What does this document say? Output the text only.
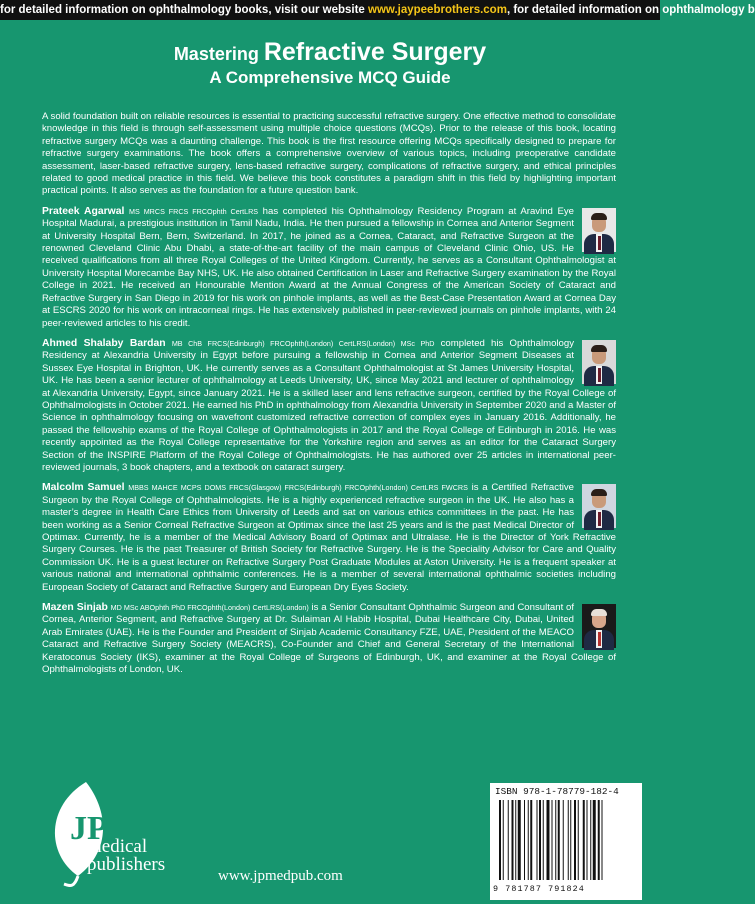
for detailed information on ophthalmology books, visit our website www.jaypeebrothers.com, for detailed information on ophthalmology b
Mastering Refractive Surgery
A Comprehensive MCQ Guide

A solid foundation built on reliable resources is essential to practicing successful refractive surgery. One effective method to consolidate knowledge in this field is through self-assessment using multiple choice questions (MCQs). Prior to the release of this book, locating refractive surgery MCQs was a daunting challenge. This book is the first resource offering MCQs specifically designed to prepare for refractive surgery examinations. The book offers a comprehensive overview of various topics, including preoperative candidate assessment, laser-based refractive surgery, lens-based refractive surgery, complications of refractive surgery, and ethical principles related to good medical practice in this field. We believe this book constitutes a paradigm shift in this field by highlighting important practical points. It also serves as the foundation for a future question bank.

Prateek Agarwal MS MRCS FRCS FRCOphth CertLRS has completed his Ophthalmology Residency Program at Aravind Eye Hospital Madurai, a prestigious institution in Tamil Nadu, India. He then pursued a fellowship in Cornea and Anterior Segment at University Hospital Bern, Bern, Switzerland. In 2017, he joined as a Cornea, Cataract, and Refractive Surgeon at the renowned Cleveland Clinic Abu Dhabi, a state-of-the-art facility of the main campus of Cleveland Clinic Ohio, US. He received qualifications from all three Royal Colleges of the United Kingdom. Currently, he serves as a Consultant Ophthalmologist at University Hospital Morecambe Bay NHS, UK. He also obtained Certification in Laser and Refractive Surgery examination by the Royal College in 2021. He received an Honourable Mention Award at the Annual Congress of the American Society of Cataract and Refractive Surgery in San Diego in 2019 for his work on pinhole implants, as well as the Best-Case Presentation Award at Cornea Day at ESCRS 2020 for his work on intracorneal rings. He has extensively published in peer-reviewed journals on pinhole implants, with 24 peer-reviewed articles to his credit.
Ahmed Shalaby Bardan MB ChB FRCS(Edinburgh) FRCOphth(London) CertLRS(London) MSc PhD completed his Ophthalmology Residency at Alexandria University in Egypt before pursuing a fellowship in Cornea and Anterior Segment Diseases at Sussex Eye Hospital in Brighton, UK. He currently serves as a Consultant Ophthalmologist at St James University Hospital, UK. He has been a senior lecturer of ophthalmology at Leeds University, UK, since May 2021 and lecturer of ophthalmology at Alexandria University, Egypt, since January 2021. He is a skilled laser and lens refractive surgeon, certified by the Royal College of Ophthalmologists in October 2021. He earned his PhD in ophthalmology from Alexandria University in September 2020 and a Master of Science in ophthalmology focusing on wavefront customized refractive correction of complex eyes in January 2016. Additionally, he passed the fellowship exams of the Royal College of Ophthalmologists in 2017 and the Royal College of Edinburgh in 2016. He was recently appointed as the Royal College representative for the Yorkshire region and serves as an editor for the Cataract Surgery Section of the INSPIRE Platform of the Royal College of Ophthalmologists. He has authored over 25 articles in international peer-reviewed journals, 3 book chapters, and a textbook on cataract surgery.
Malcolm Samuel MBBS MAHCE MCPS DOMS FRCS(Glasgow) FRCS(Edinburgh) FRCOphth(London) CertLRS FWCRS is a Certified Refractive Surgeon by the Royal College of Ophthalmologists. He is a highly experienced refractive surgeon in the UK. He also has a master’s degree in Health Care Ethics from University of Leeds and sat on various ethics committees in the past. He has been working as a Senior Corneal Refractive Surgeon at Optimax since the last 25 years and is the past Medical Director of Optimax. Currently, he is a member of the Medical Advisory Board of Optimax and Ultralase. He is the Director of York Refractive Surgery Courses. He is the past Treasurer of British Society for Refractive Surgery. He is the Speciality Advisor for Care and Quality Commission UK. He is a guest lecturer on Refractive Surgery Post Graduate Modules at Aston University. He is a frequent speaker at various national and international ophthalmic conferences. He is a member of several international ophthalmic societies including European Society of Cataract and Refractive Surgery and European Dry Eyes Society.
Mazen Sinjab MD MSc ABOphth PhD FRCOphth(London) CertLRS(London) is a Senior Consultant Ophthalmic Surgeon and Consultant of Cornea, Anterior Segment, and Refractive Surgery at Dr. Sulaiman Al Habib Hospital, Dubai Healthcare City, Dubai, United Arab Emirates (UAE). He is the Founder and President of Sinjab Academic Consultancy FZE, UAE, President of the MEACO Cataract and Refractive Surgery Society (MEACRS), Co-Founder and Chief and General Secretary of the International Keratoconus Society (IKS), examiner at the Royal College of Surgeons of Edinburgh, UK, and examiner at the Royal College of Ophthalmologists of London, UK.
JP
medical
publishers
www.jpmedpub.com
ISBN 978-1-78779-182-4
9 781787 791824
